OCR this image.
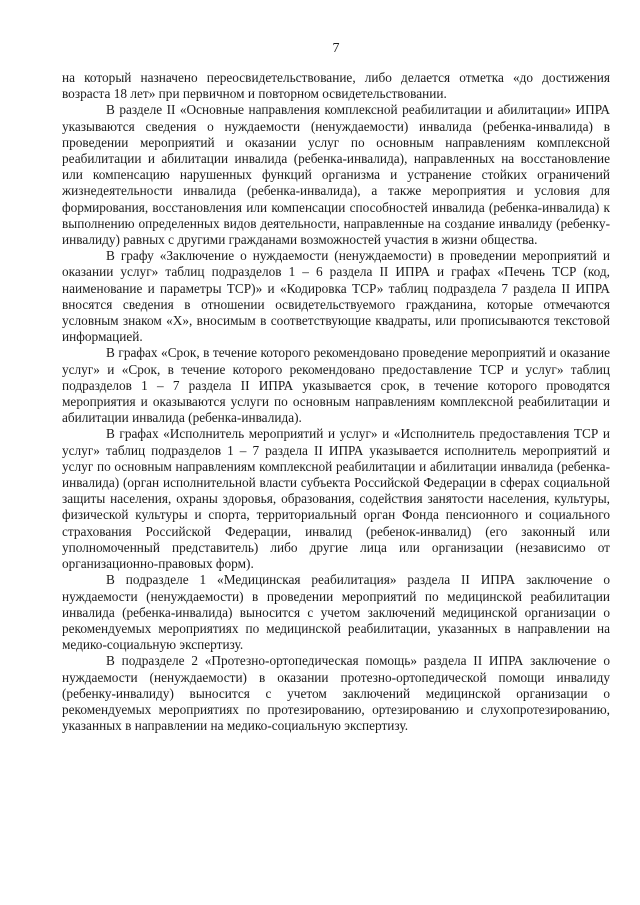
7

на который назначено переосвидетельствование, либо делается отметка «до достижения возраста 18 лет» при первичном и повторном освидетельствовании.

В разделе II «Основные направления комплексной реабилитации и абилитации» ИПРА указываются сведения о нуждаемости (ненуждаемости) инвалида (ребенка-инвалида) в проведении мероприятий и оказании услуг по основным направлениям комплексной реабилитации и абилитации инвалида (ребенка-инвалида), направленных на восстановление или компенсацию нарушенных функций организма и устранение стойких ограничений жизнедеятельности инвалида (ребенка-инвалида), а также мероприятия и условия для формирования, восстановления или компенсации способностей инвалида (ребенка-инвалида) к выполнению определенных видов деятельности, направленные на создание инвалиду (ребенку-инвалиду) равных с другими гражданами возможностей участия в жизни общества.

В графу «Заключение о нуждаемости (ненуждаемости) в проведении мероприятий и оказании услуг» таблиц подразделов 1 – 6 раздела II ИПРА и графах «Печень ТСР (код, наименование и параметры ТСР)» и «Кодировка ТСР» таблиц подраздела 7 раздела II ИПРА вносятся сведения в отношении освидетельствуемого гражданина, которые отмечаются условным знаком «Х», вносимым в соответствующие квадраты, или прописываются текстовой информацией.

В графах «Срок, в течение которого рекомендовано проведение мероприятий и оказание услуг» и «Срок, в течение которого рекомендовано предоставление ТСР и услуг» таблиц подразделов 1 – 7 раздела II ИПРА указывается срок, в течение которого проводятся мероприятия и оказываются услуги по основным направлениям комплексной реабилитации и абилитации инвалида (ребенка-инвалида).

В графах «Исполнитель мероприятий и услуг» и «Исполнитель предоставления ТСР и услуг» таблиц подразделов 1 – 7 раздела II ИПРА указывается исполнитель мероприятий и услуг по основным направлениям комплексной реабилитации и абилитации инвалида (ребенка-инвалида) (орган исполнительной власти субъекта Российской Федерации в сферах социальной защиты населения, охраны здоровья, образования, содействия занятости населения, культуры, физической культуры и спорта, территориальный орган Фонда пенсионного и социального страхования Российской Федерации, инвалид (ребенок-инвалид) (его законный или уполномоченный представитель) либо другие лица или организации (независимо от организационно-правовых форм).

В подразделе 1 «Медицинская реабилитация» раздела II ИПРА заключение о нуждаемости (ненуждаемости) в проведении мероприятий по медицинской реабилитации инвалида (ребенка-инвалида) выносится с учетом заключений медицинской организации о рекомендуемых мероприятиях по медицинской реабилитации, указанных в направлении на медико-социальную экспертизу.

В подразделе 2 «Протезно-ортопедическая помощь» раздела II ИПРА заключение о нуждаемости (ненуждаемости) в оказании протезно-ортопедической помощи инвалиду (ребенку-инвалиду) выносится с учетом заключений медицинской организации о рекомендуемых мероприятиях по протезированию, ортезированию и слухопротезированию, указанных в направлении на медико-социальную экспертизу.
